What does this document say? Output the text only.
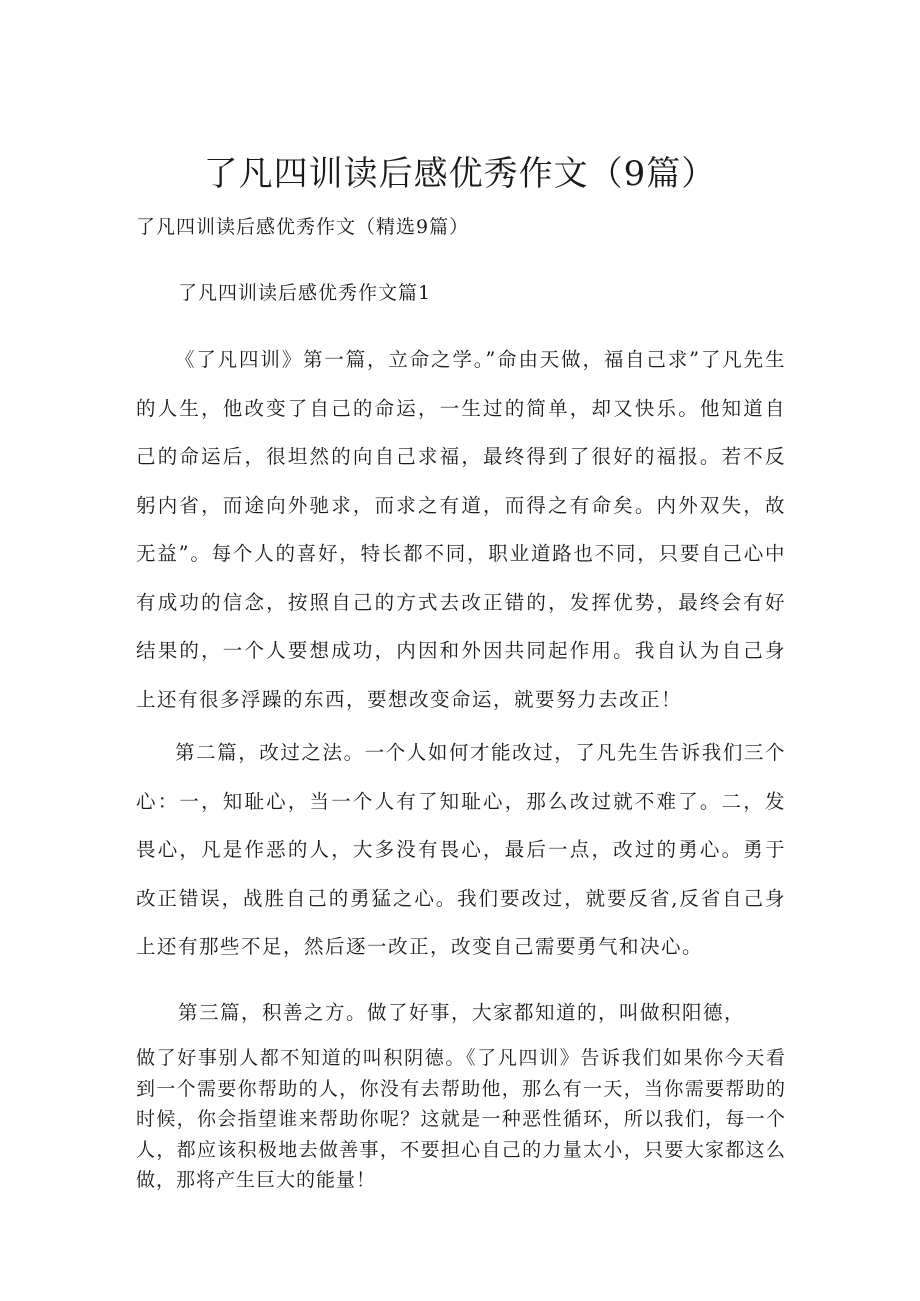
了凡四训读后感优秀作文（9篇）

了凡四训读后感优秀作文（精选9篇）

了凡四训读后感优秀作文篇1

《了凡四训》第一篇，立命之学。”命由天做，福自己求”了凡先生的人生，他改变了自己的命运，一生过的简单，却又快乐。他知道自己的命运后，很坦然的向自己求福，最终得到了很好的福报。若不反躬内省，而途向外驰求，而求之有道，而得之有命矣。内外双失，故无益”。每个人的喜好，特长都不同，职业道路也不同，只要自己心中有成功的信念，按照自己的方式去改正错的，发挥优势，最终会有好结果的，一个人要想成功，内因和外因共同起作用。我自认为自己身上还有很多浮躁的东西，要想改变命运，就要努力去改正！

第二篇，改过之法。一个人如何才能改过，了凡先生告诉我们三个心：一，知耻心，当一个人有了知耻心，那么改过就不难了。二，发畏心，凡是作恶的人，大多没有畏心，最后一点，改过的勇心。勇于改正错误，战胜自己的勇猛之心。我们要改过，就要反省,反省自己身上还有那些不足，然后逐一改正，改变自己需要勇气和决心。

第三篇，积善之方。做了好事，大家都知道的，叫做积阳德，

做了好事别人都不知道的叫积阴德。《了凡四训》告诉我们如果你今天看到一个需要你帮助的人，你没有去帮助他，那么有一天，当你需要帮助的时候，你会指望谁来帮助你呢？这就是一种恶性循环，所以我们，每一个人，都应该积极地去做善事，不要担心自己的力量太小，只要大家都这么做，那将产生巨大的能量！
